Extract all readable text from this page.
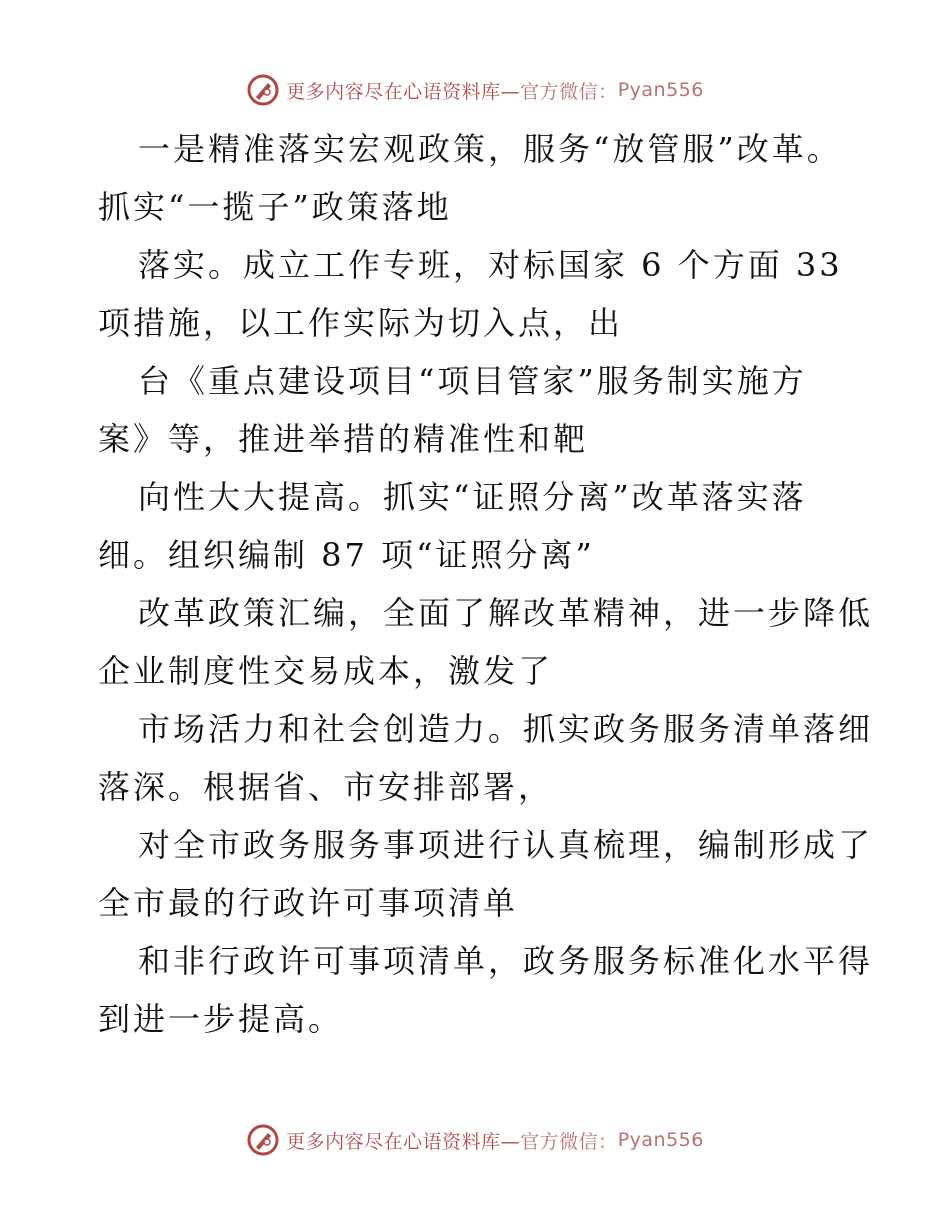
更多内容尽在心语资料库— 官方微信： Pyan556

一是精准落实宏观政策，服务“放管服”改革。
抓实“一揽子”政策落地

落实。成立工作专班，对标国家 6 个方面 33
项措施，以工作实际为切入点，出

台《重点建设项目“项目管家”服务制实施方
案》等，推进举措的精准性和靶

向性大大提高。抓实“证照分离”改革落实落
细。组织编制 87 项“证照分离”

改革政策汇编，全面了解改革精神，进一步降低
企业制度性交易成本，激发了

市场活力和社会创造力。抓实政务服务清单落细
落深。根据省、市安排部署，

对全市政务服务事项进行认真梳理，编制形成了
全市最的行政许可事项清单

和非行政许可事项清单，政务服务标准化水平得
到进一步提高。

更多内容尽在心语资料库— 官方微信： Pyan556
